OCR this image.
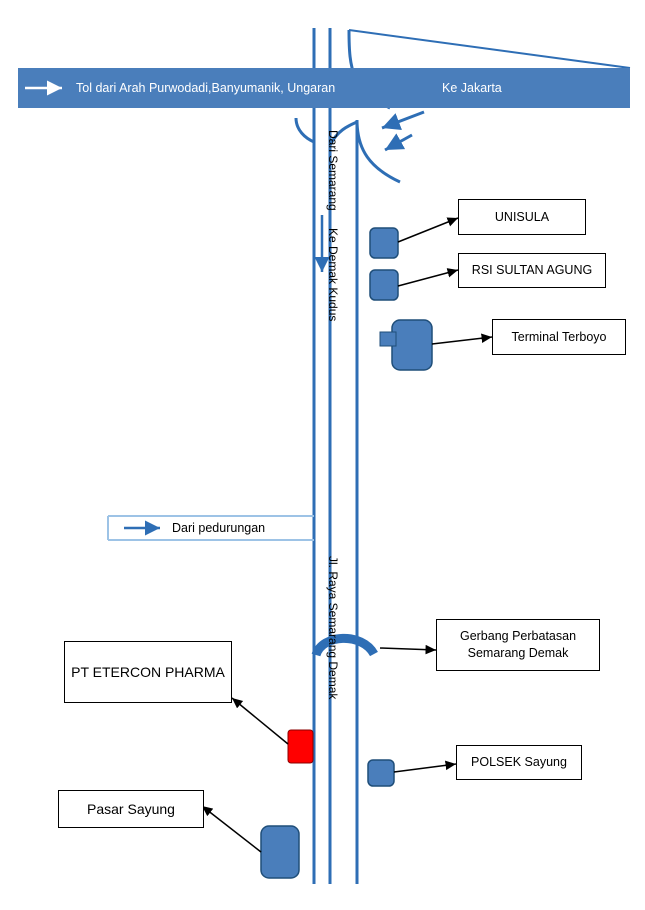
Tol dari Arah Purwodadi,Banyumanik, Ungaran	Ke Jakarta
Dari Semarang
Ke Demak Kudus
Jl. Raya Semarang Demak
Dari pedurungan
UNISULA
RSI SULTAN AGUNG
Terminal Terboyo
Gerbang Perbatasan Semarang Demak
PT ETERCON PHARMA
POLSEK Sayung
Pasar Sayung
